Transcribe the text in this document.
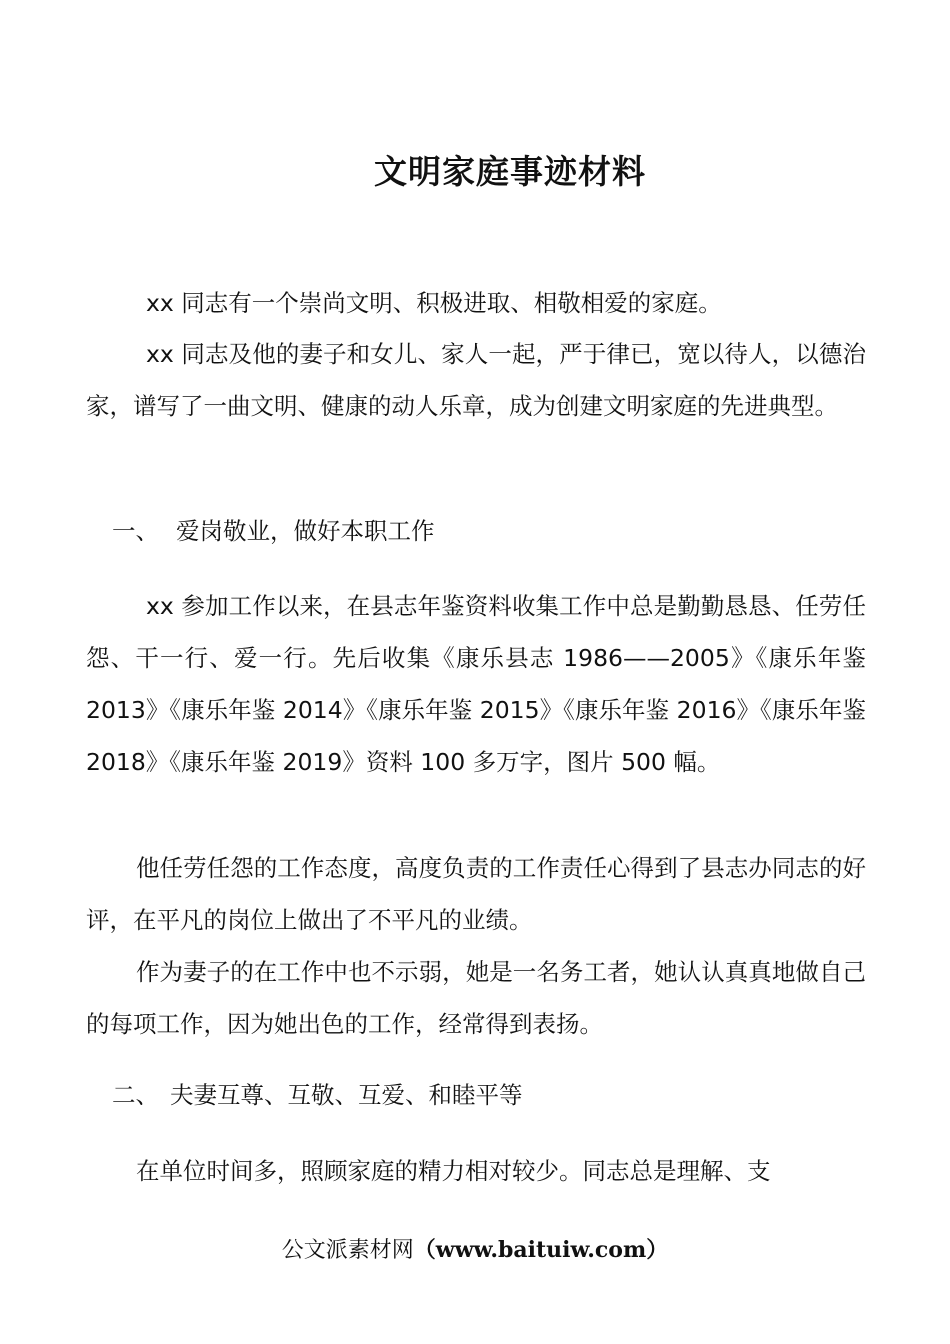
文明家庭事迹材料

xx 同志有一个崇尚文明、积极进取、相敬相爱的家庭。

xx 同志及他的妻子和女儿、家人一起，严于律已，宽以待人，以德治家，谱写了一曲文明、健康的动人乐章，成为创建文明家庭的先进典型。

一、 爱岗敬业，做好本职工作

xx 参加工作以来，在县志年鉴资料收集工作中总是勤勤恳恳、任劳任怨、干一行、爱一行。先后收集《康乐县志 1986——2005》《康乐年鉴 2013》《康乐年鉴 2014》《康乐年鉴 2015》《康乐年鉴 2016》《康乐年鉴 2018》《康乐年鉴 2019》资料 100 多万字，图片 500 幅。

他任劳任怨的工作态度，高度负责的工作责任心得到了县志办同志的好评，在平凡的岗位上做出了不平凡的业绩。

作为妻子的在工作中也不示弱，她是一名务工者，她认认真真地做自己的每项工作，因为她出色的工作，经常得到表扬。

二、 夫妻互尊、互敬、互爱、和睦平等

在单位时间多，照顾家庭的精力相对较少。同志总是理解、支

公文派素材网（www.baituiw.com）
